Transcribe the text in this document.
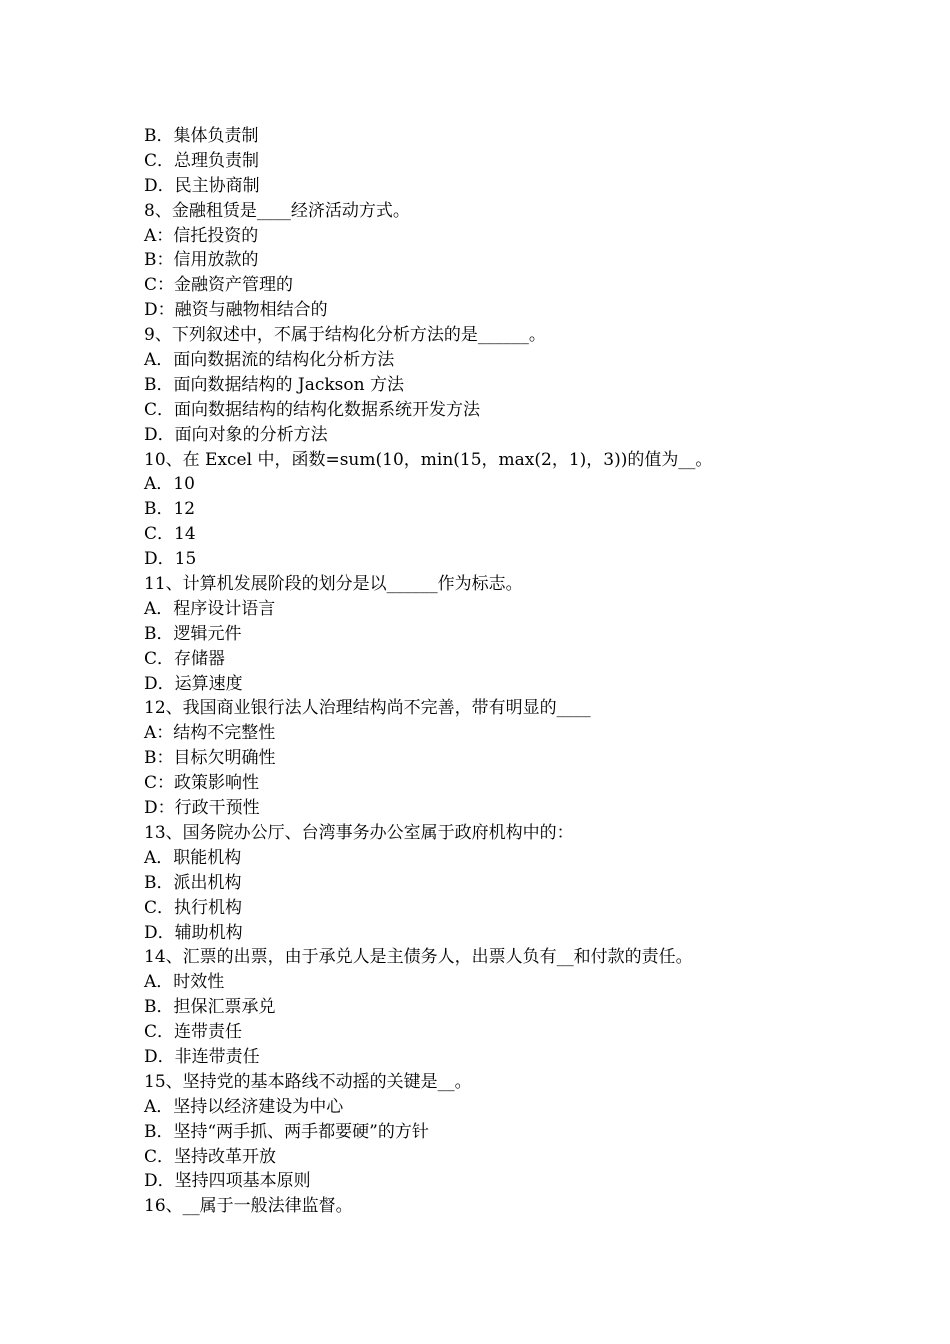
B．集体负责制
C．总理负责制
D．民主协商制
8、金融租赁是____经济活动方式。
A：信托投资的
B：信用放款的
C：金融资产管理的
D：融资与融物相结合的
9、下列叙述中，不属于结构化分析方法的是______。
A．面向数据流的结构化分析方法
B．面向数据结构的 Jackson 方法
C．面向数据结构的结构化数据系统开发方法
D．面向对象的分析方法
10、在 Excel 中，函数=sum(10，min(15，max(2，1)，3))的值为__。
A．10
B．12
C．14
D．15
11、计算机发展阶段的划分是以______作为标志。
A．程序设计语言
B．逻辑元件
C．存储器
D．运算速度
12、我国商业银行法人治理结构尚不完善，带有明显的____
A：结构不完整性
B：目标欠明确性
C：政策影响性
D：行政干预性
13、国务院办公厅、台湾事务办公室属于政府机构中的：
A．职能机构
B．派出机构
C．执行机构
D．辅助机构
14、汇票的出票，由于承兑人是主债务人，出票人负有__和付款的责任。
A．时效性
B．担保汇票承兑
C．连带责任
D．非连带责任
15、坚持党的基本路线不动摇的关键是__。
A．坚持以经济建设为中心
B．坚持“两手抓、两手都要硬”的方针
C．坚持改革开放
D．坚持四项基本原则
16、__属于一般法律监督。
